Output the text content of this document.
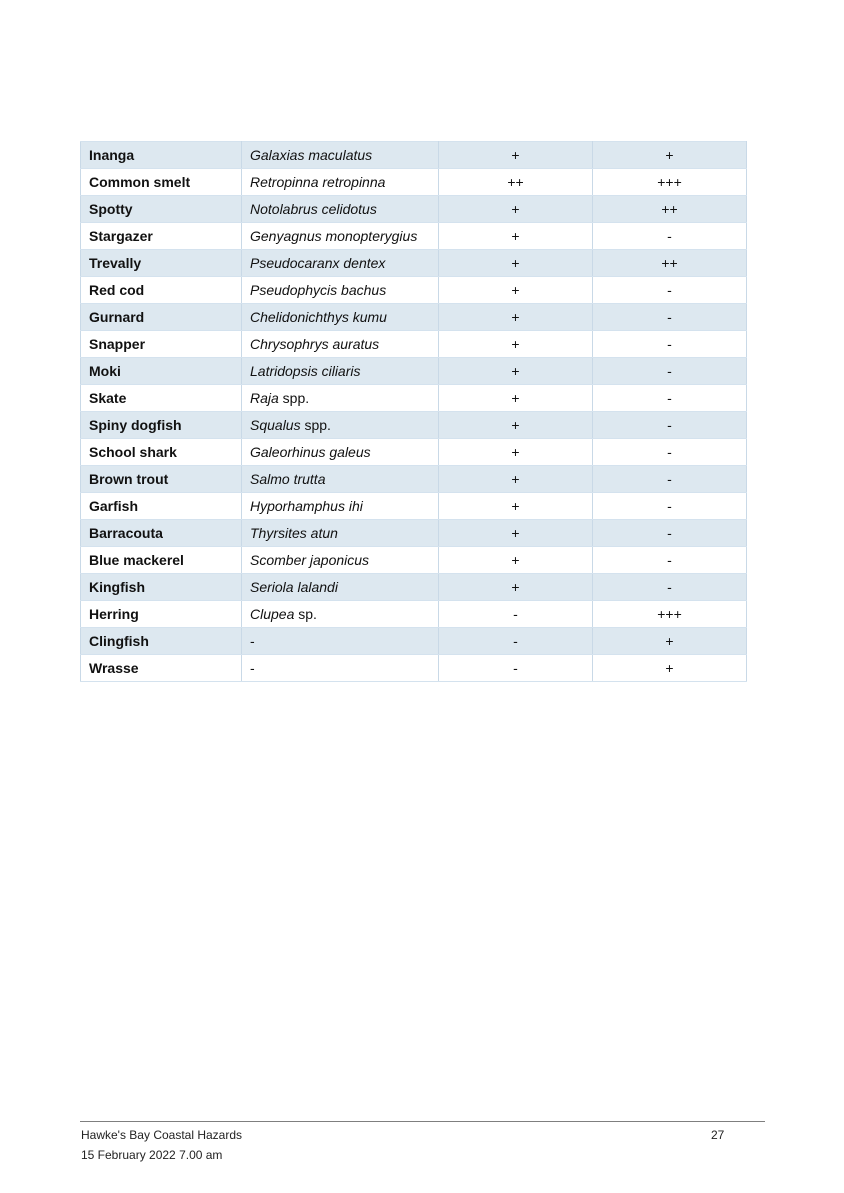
Inanga	Galaxias maculatus	+	+
Common smelt	Retropinna retropinna	++	+++
Spotty	Notolabrus celidotus	+	++
Stargazer	Genyagnus monopterygius	+	-
Trevally	Pseudocaranx dentex	+	++
Red cod	Pseudophycis bachus	+	-
Gurnard	Chelidonichthys kumu	+	-
Snapper	Chrysophrys auratus	+	-
Moki	Latridopsis ciliaris	+	-
Skate	Raja spp.	+	-
Spiny dogfish	Squalus spp.	+	-
School shark	Galeorhinus galeus	+	-
Brown trout	Salmo trutta	+	-
Garfish	Hyporhamphus ihi	+	-
Barracouta	Thyrsites atun	+	-
Blue mackerel	Scomber japonicus	+	-
Kingfish	Seriola lalandi	+	-
Herring	Clupea sp.	-	+++
Clingfish	-	-	+
Wrasse	-	-	+
Hawke's Bay Coastal Hazards	27
15 February 2022 7.00 am
